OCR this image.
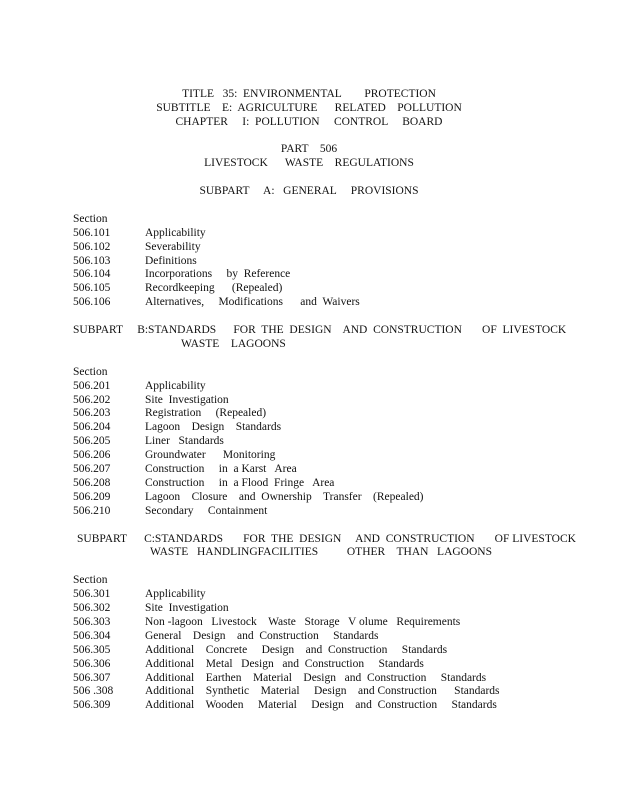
TITLE   35:  ENVIRONMENTAL        PROTECTION
SUBTITLE    E:  AGRICULTURE      RELATED    POLLUTION
CHAPTER     I:  POLLUTION     CONTROL     BOARD
PART    506
LIVESTOCK      WASTE    REGULATIONS
SUBPART     A:   GENERAL     PROVISIONS
Section
506.101	Applicability
506.102	Severability
506.103	Definitions
506.104	Incorporations     by  Reference
506.105	Recordkeeping      (Repealed)
506.106	Alternatives,     Modifications      and  Waivers
SUBPART     B:STANDARDS      FOR  THE  DESIGN    AND  CONSTRUCTION       OF  LIVESTOCK
WASTE    LAGOONS
Section
506.201	Applicability
506.202	Site  Investigation
506.203	Registration     (Repealed)
506.204	Lagoon    Design    Standards
506.205	Liner   Standards
506.206	Groundwater      Monitoring
506.207	Construction     in  a Karst   Area
506.208	Construction     in  a Flood  Fringe   Area
506.209	Lagoon    Closure    and  Ownership    Transfer    (Repealed)
506.210	Secondary     Containment
SUBPART      C:STANDARDS       FOR  THE  DESIGN     AND  CONSTRUCTION       OF LIVESTOCK
WASTE   HANDLINGFACILITIES          OTHER    THAN   LAGOONS
Section
506.301	Applicability
506.302	Site  Investigation
506.303	Non -lagoon   Livestock    Waste   Storage   V olume   Requirements
506.304	General    Design    and  Construction     Standards
506.305	Additional    Concrete     Design    and  Construction     Standards
506.306	Additional    Metal   Design   and  Construction     Standards
506.307	Additional    Earthen    Material    Design   and  Construction     Standards
506 .308	Additional    Synthetic    Material     Design    and Construction      Standards
506.309	Additional    Wooden     Material     Design    and  Construction     Standards
